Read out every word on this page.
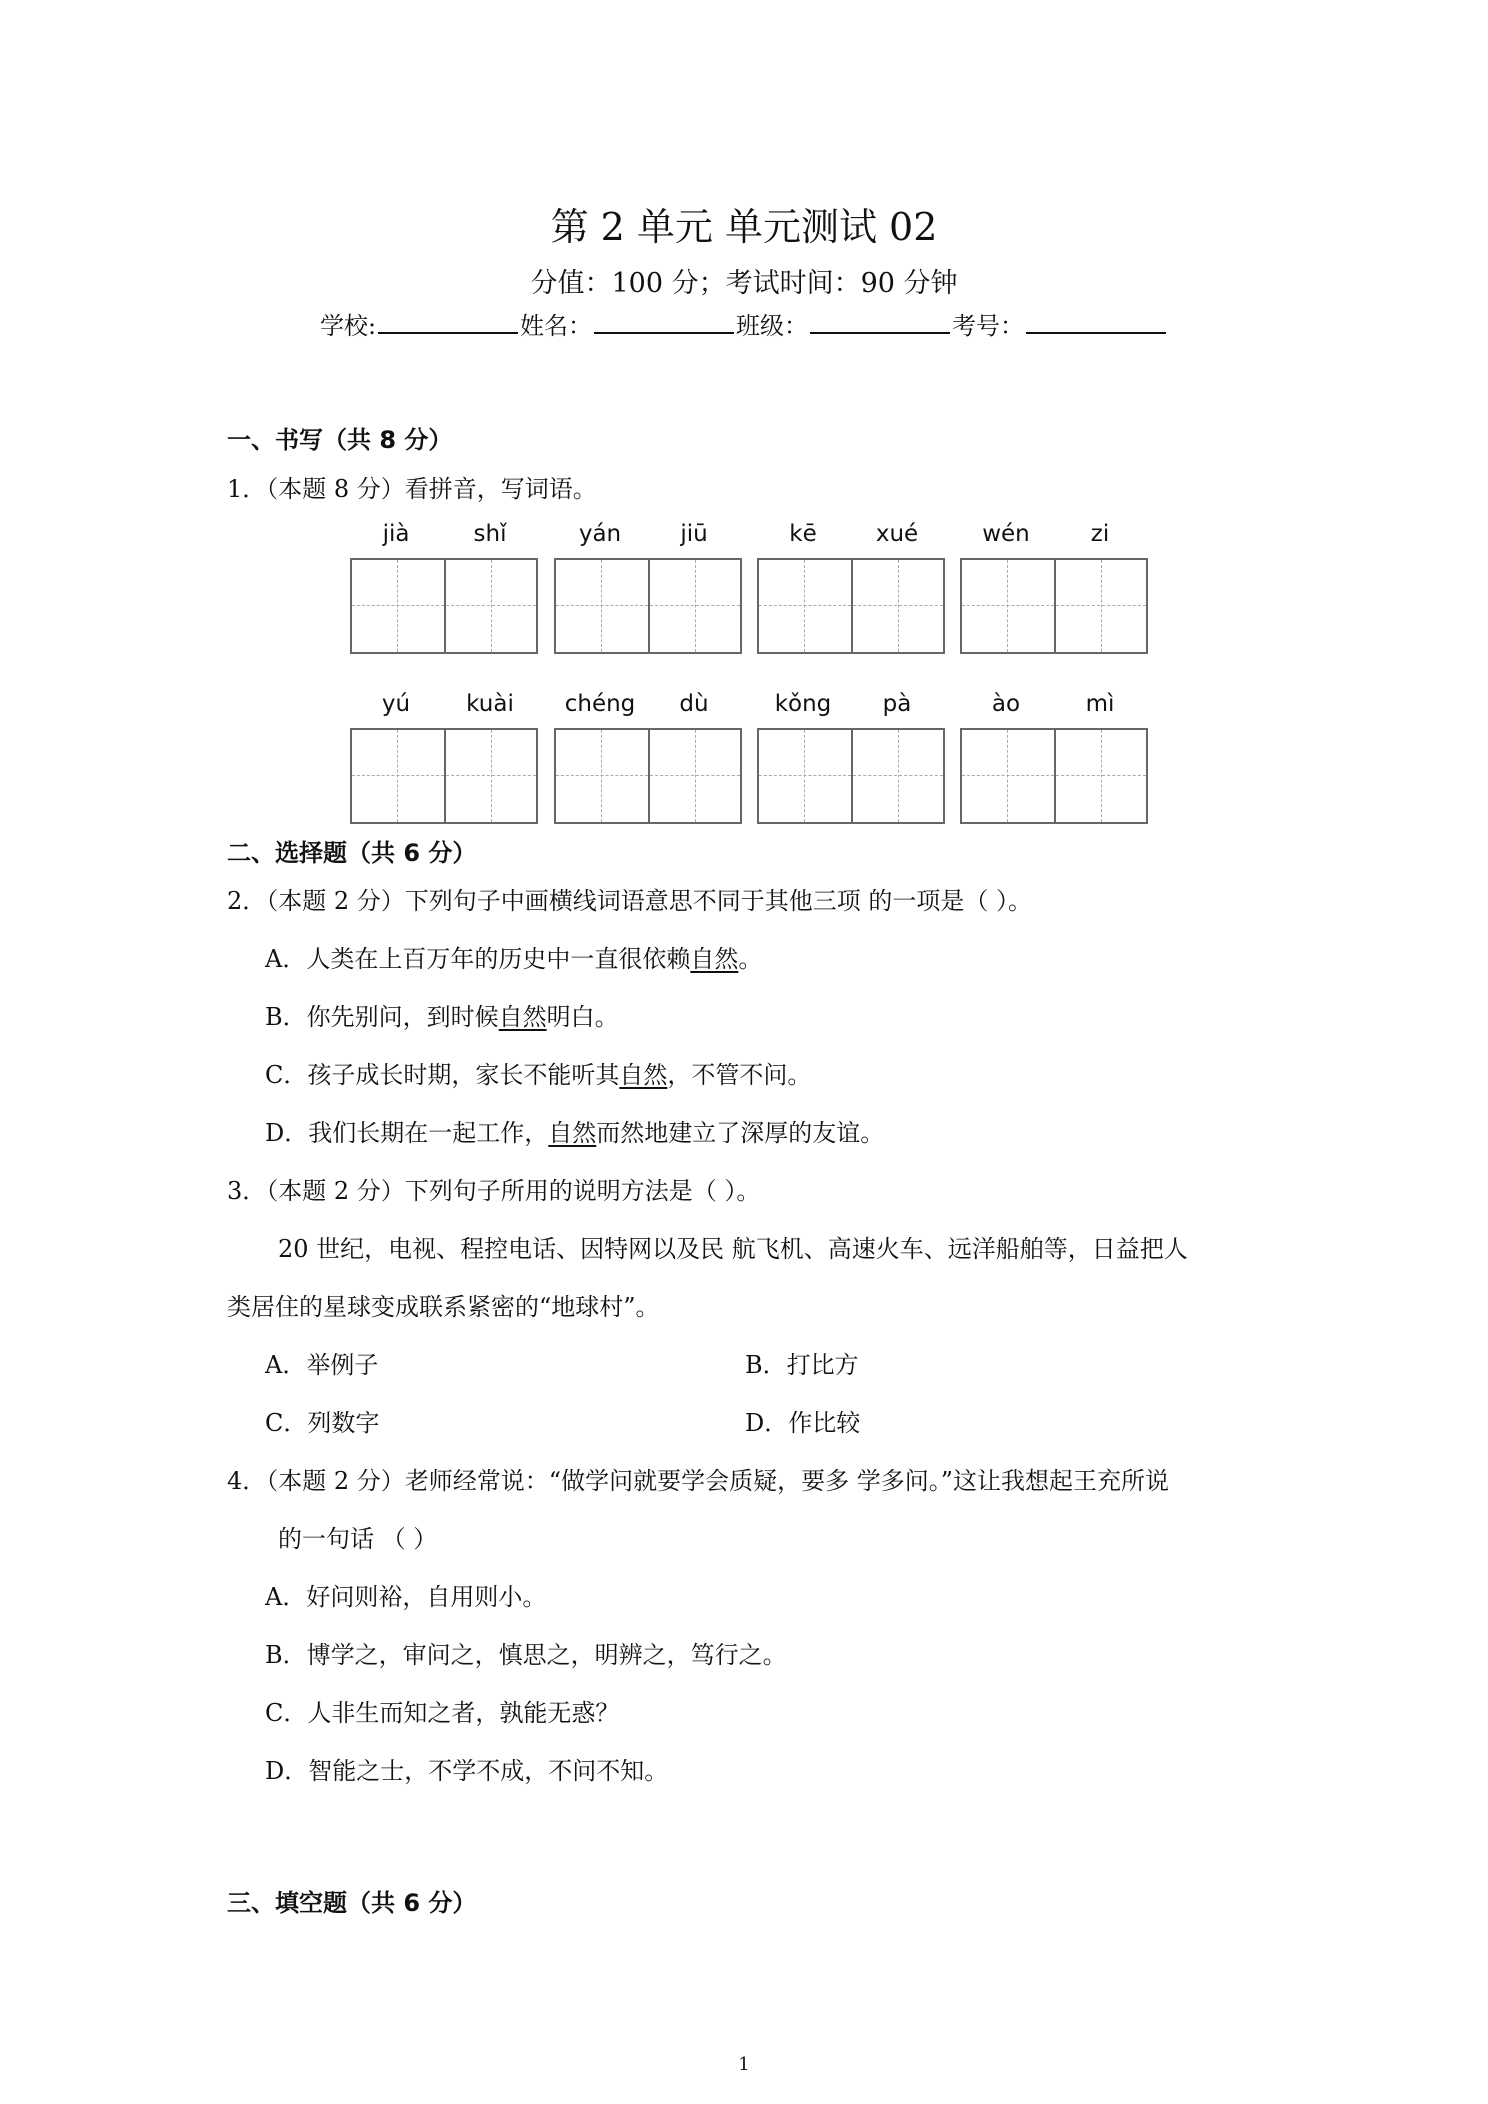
第 2 单元 单元测试 02
分值：100 分；考试时间：90 分钟
学校:	姓名：	班级：	考号：
一、书写（共 8 分）
1．（本题 8 分）看拼音，写词语。
jià	shǐ	yán	jiū	kē	xué	wén	zi
yú	kuài	chéng	dù	kǒng	pà	ào	mì
二、选择题（共 6 分）
2．（本题 2 分）下列句子中画横线词语意思不同于其他三项 的一项是（ ）。
A．人类在上百万年的历史中一直很依赖自然。
B．你先别问，到时候自然明白。
C．孩子成长时期，家长不能听其自然，不管不问。
D．我们长期在一起工作，自然而然地建立了深厚的友谊。
3．（本题 2 分）下列句子所用的说明方法是（ ）。
20 世纪，电视、程控电话、因特网以及民 航飞机、高速火车、远洋船舶等，日益把人
类居住的星球变成联系紧密的“地球村”。
A．举例子	B．打比方
C．列数字	D．作比较
4．（本题 2 分）老师经常说：“做学问就要学会质疑，要多 学多问。”这让我想起王充所说
的一句话 （ ）
A．好问则裕，自用则小。
B．博学之，审问之，慎思之，明辨之，笃行之。
C．人非生而知之者，孰能无惑？
D．智能之士，不学不成，不问不知。
三、填空题（共 6 分）
1
